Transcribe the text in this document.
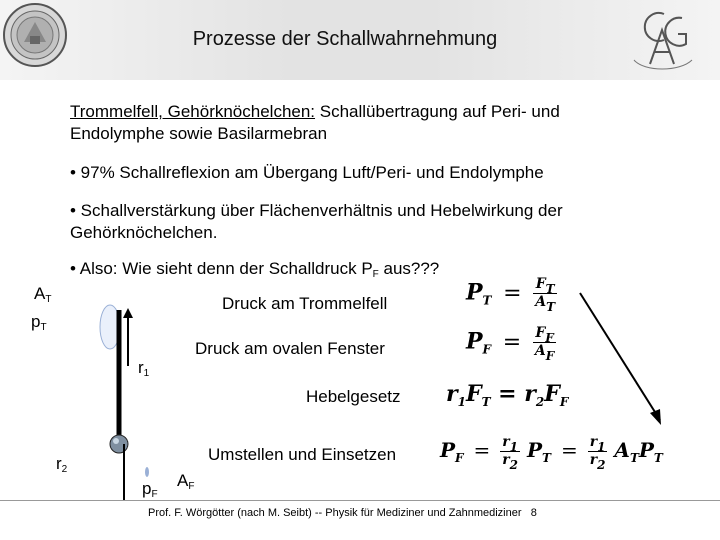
Prozesse der Schallwahrnehmung
Trommelfell, Gehörknöchelchen: Schallübertragung auf Peri- und
Endolymphe sowie Basilarmebran
• 97% Schallreflexion am Übergang Luft/Peri- und Endolymphe
• Schallverstärkung über Flächenverhältnis und Hebelwirkung der
Gehörknöchelchen.
• Also: Wie sieht denn der Schalldruck $P_F$ aus???
$A_T$
$p_T$
$r_1$
$r_2$
$p_F$
$A_F$
Druck am Trommelfell	$P_T = \frac{F_T}{A_T}$
Druck am ovalen Fenster	$P_F = \frac{F_F}{A_F}$
Hebelgesetz $r_1F_T = r_2F_F$
Umstellen und Einsetzen $P_F = \frac{r_1}{r_2} P_T = \frac{r_1}{r_2} A_TP_T$
Prof. F. Wörgötter (nach M. Seibt) -- Physik für Mediziner und Zahnmediziner 8
